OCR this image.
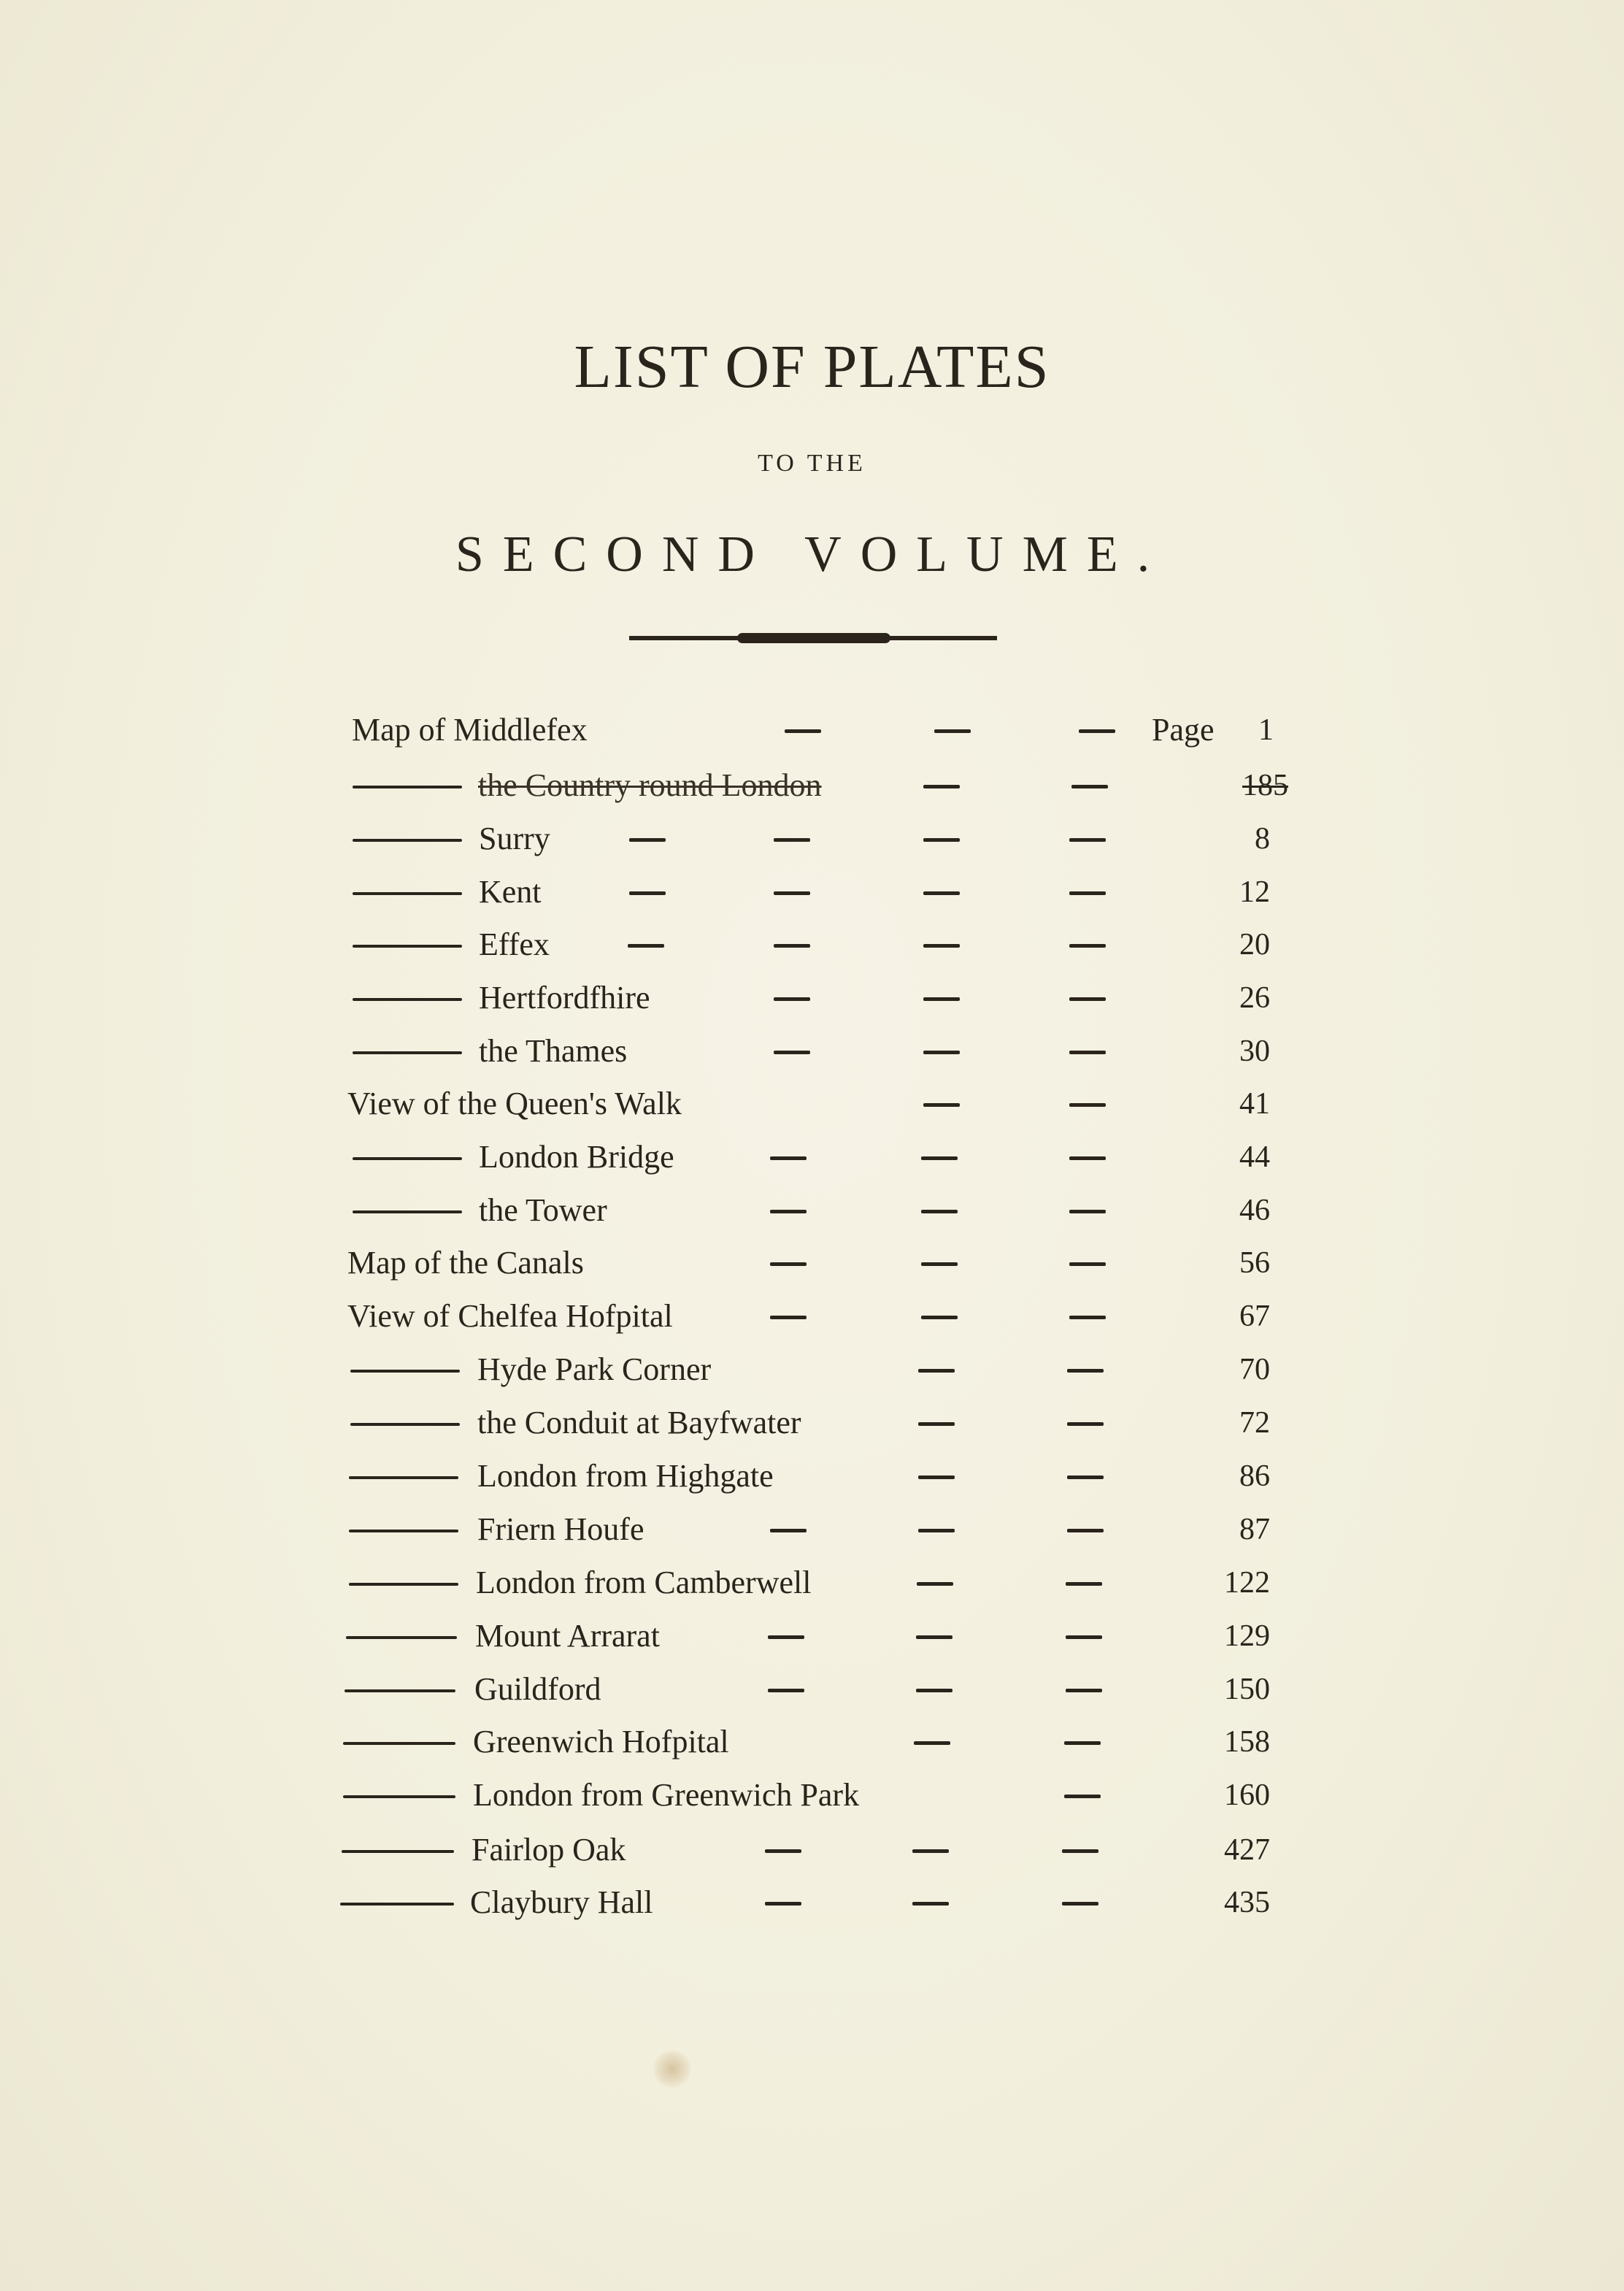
LIST OF PLATES
TO THE
SECOND VOLUME.
Map of Middlefex	Page 1
the Country round London	185
Surry	8
Kent	12
Effex	20
Hertfordfhire	26
the Thames	30
View of the Queen's Walk	41
London Bridge	44
the Tower	46
Map of the Canals	56
View of Chelfea Hofpital	67
Hyde Park Corner	70
the Conduit at Bayfwater	72
London from Highgate	86
Friern Houfe	87
London from Camberwell	122
Mount Arrarat	129
Guildford	150
Greenwich Hofpital	158
London from Greenwich Park	160
Fairlop Oak	427
Claybury Hall	435
